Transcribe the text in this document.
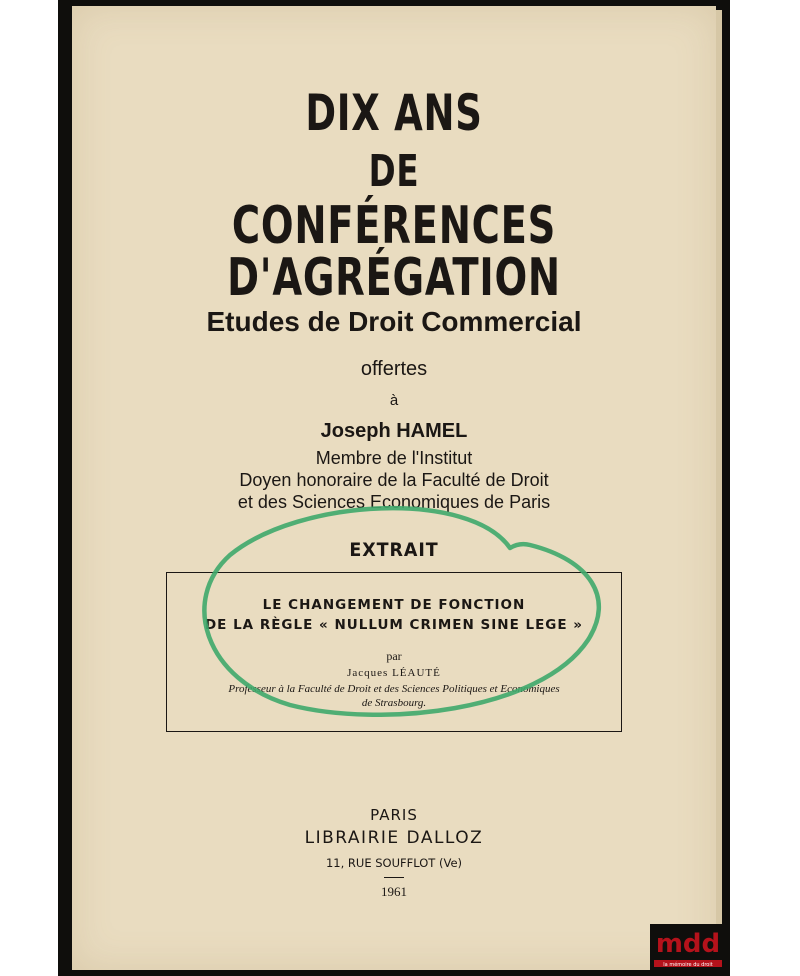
DIX ANS
DE
CONFÉRENCES D'AGRÉGATION
Etudes de Droit Commercial
offertes
à
Joseph HAMEL
Membre de l'Institut
Doyen honoraire de la Faculté de Droit
et des Sciences Economiques de Paris
EXTRAIT
LE CHANGEMENT DE FONCTION
DE LA RÈGLE « NULLUM CRIMEN SINE LEGE »
par
Jacques LÉAUTÉ
Professeur à la Faculté de Droit et des Sciences Politiques et Economiques
de Strasbourg.
PARIS
LIBRAIRIE DALLOZ
11, RUE SOUFFLOT (Ve)
1961
mdd
la mémoire du droit
